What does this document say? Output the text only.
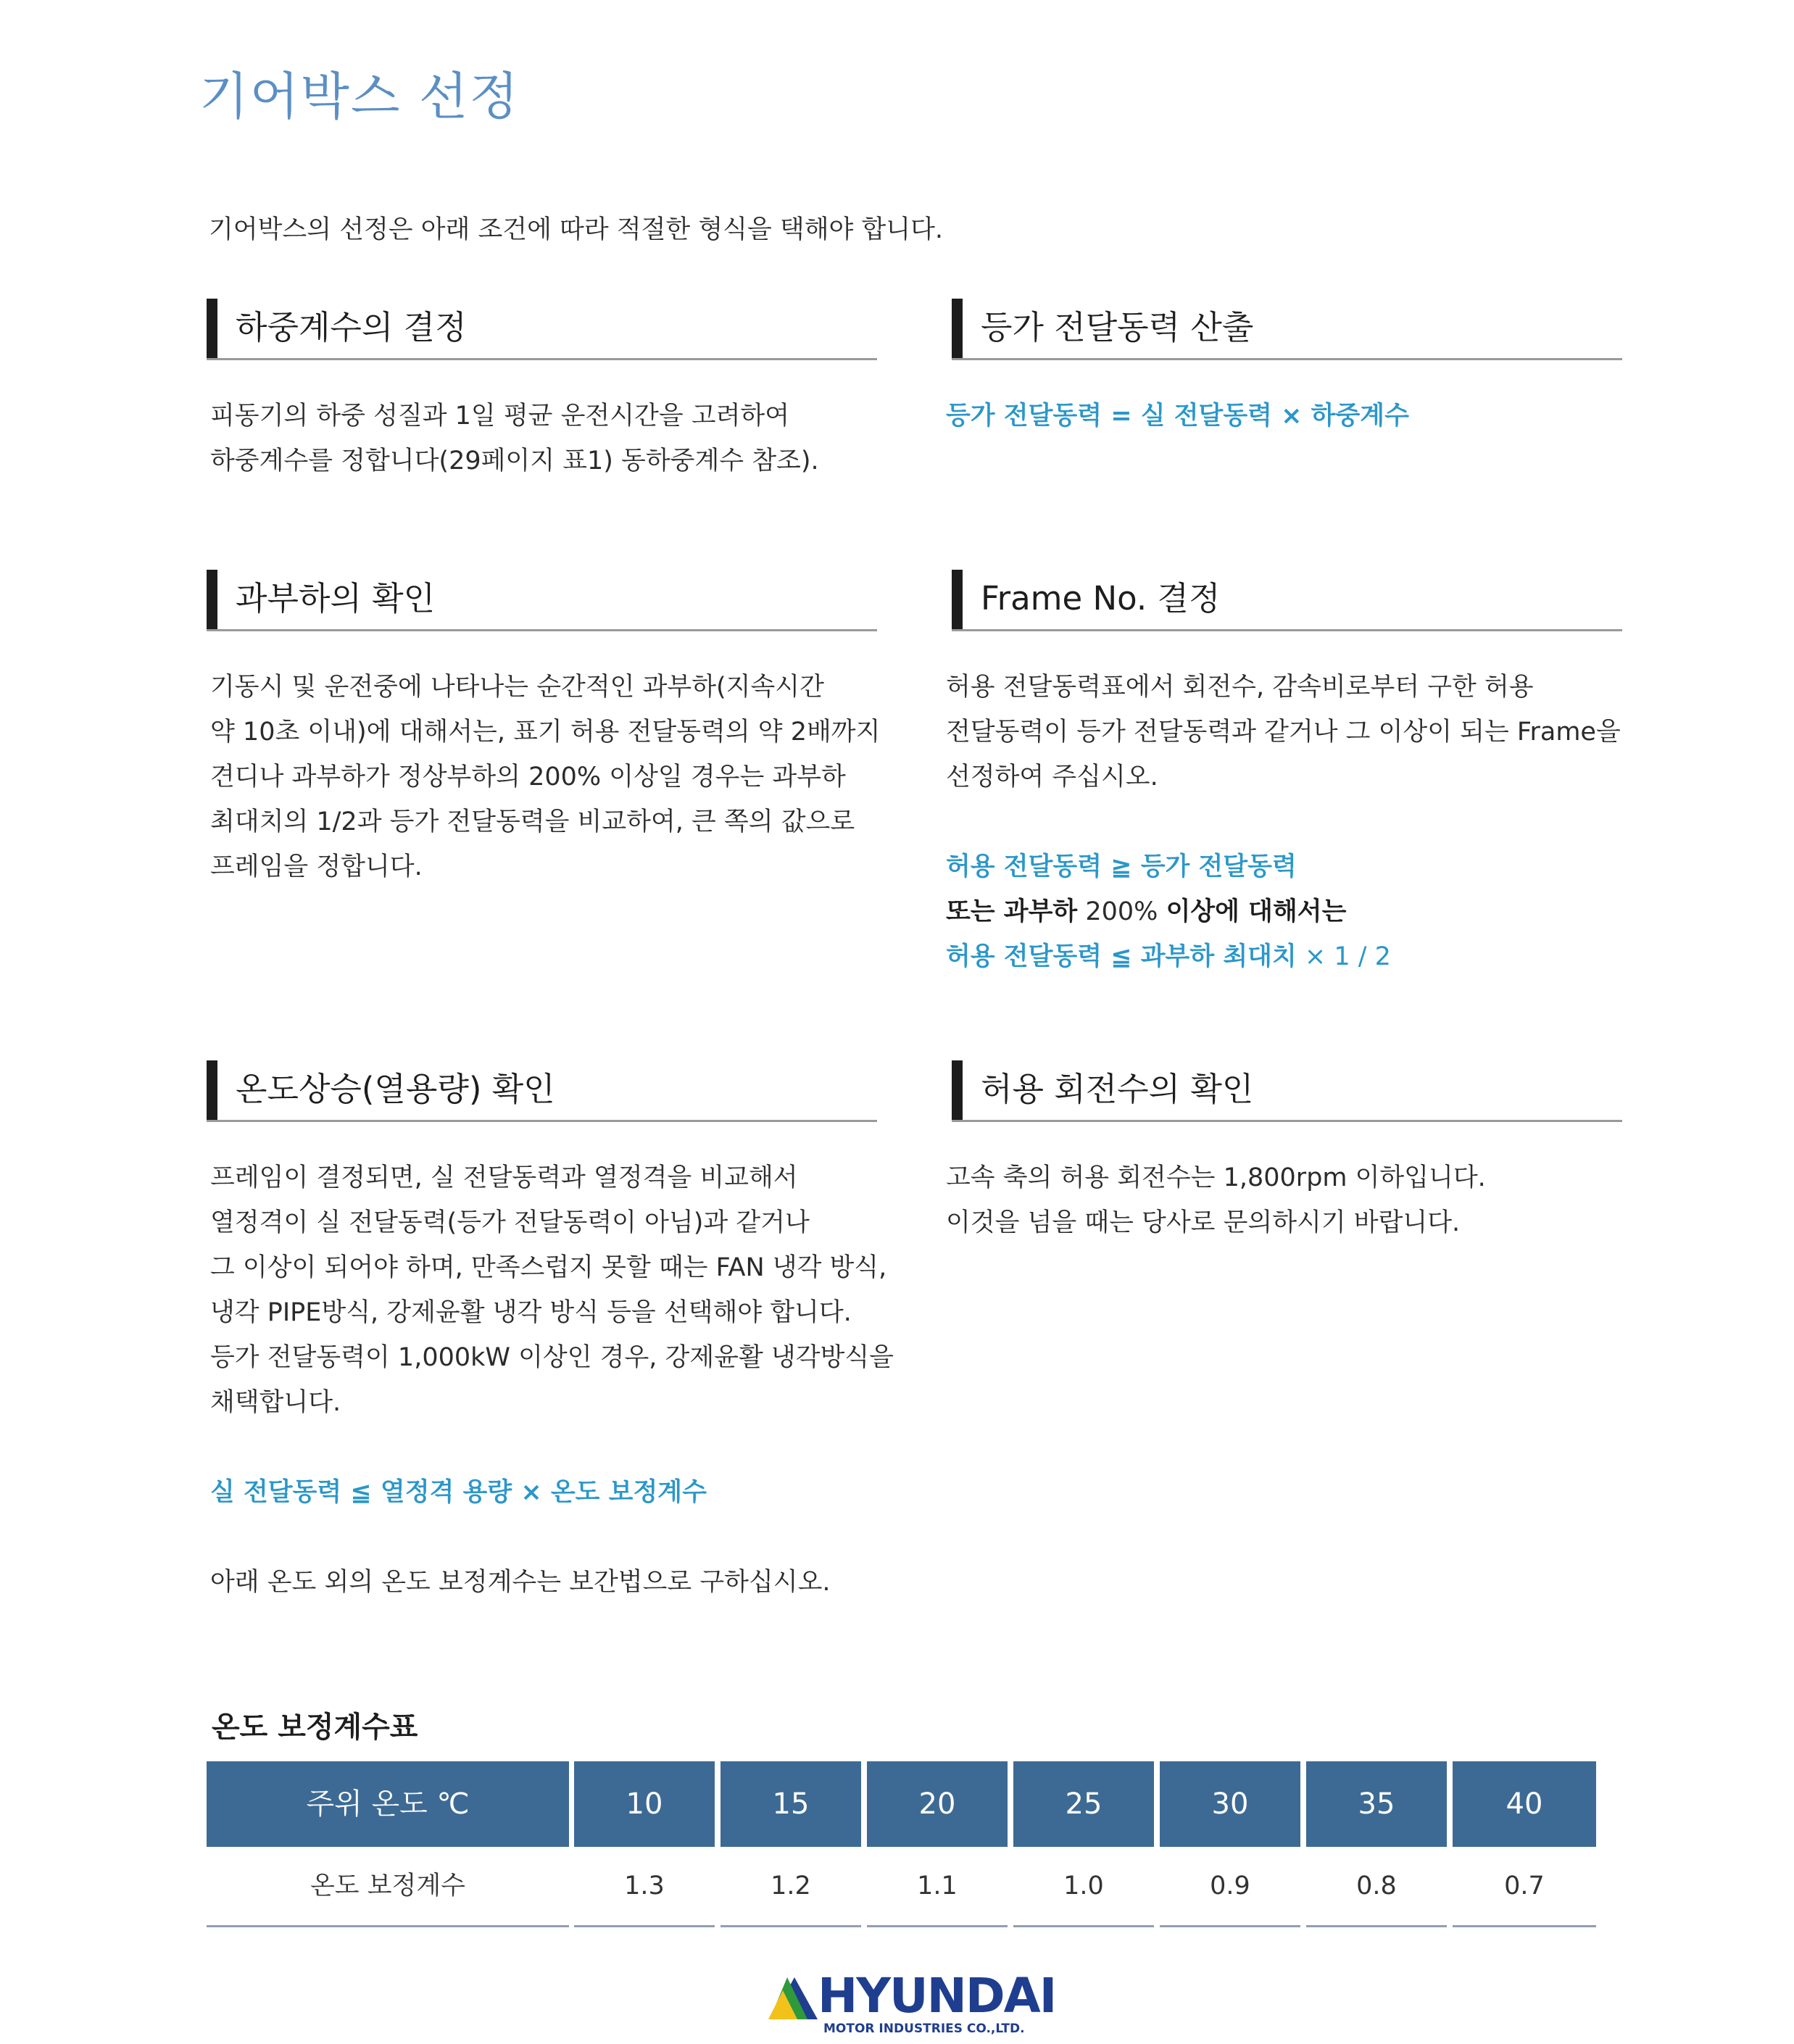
기어박스 선정
기어박스의 선정은 아래 조건에 따라 적절한 형식을 택해야 합니다.
하중계수의 결정

피동기의 하중 성질과 1일 평균 운전시간을 고려하여

하중계수를 정합니다(29페이지 표1) 동하중계수 참조).

등가 전달동력 산출

등가 전달동력 = 실 전달동력 × 하중계수

과부하의 확인

기동시 및 운전중에 나타나는 순간적인 과부하(지속시간

약 10초 이내)에 대해서는, 표기 허용 전달동력의 약 2배까지

견디나 과부하가 정상부하의 200% 이상일 경우는 과부하

최대치의 1/2과 등가 전달동력을 비교하여, 큰 쪽의 값으로

프레임을 정합니다.

Frame No. 결정

허용 전달동력표에서 회전수, 감속비로부터 구한 허용

전달동력이 등가 전달동력과 같거나 그 이상이 되는 Frame을

선정하여 주십시오.

허용 전달동력 ≧ 등가 전달동력

또는 과부하 200% 이상에 대해서는

허용 전달동력 ≦ 과부하 최대치 × 1 / 2

온도상승(열용량) 확인

프레임이 결정되면, 실 전달동력과 열정격을 비교해서

열정격이 실 전달동력(등가 전달동력이 아님)과 같거나

그 이상이 되어야 하며, 만족스럽지 못할 때는 FAN 냉각 방식,

냉각 PIPE방식, 강제윤활 냉각 방식 등을 선택해야 합니다.

등가 전달동력이 1,000kW 이상인 경우, 강제윤활 냉각방식을

채택합니다.

실 전달동력 ≦ 열정격 용량 × 온도 보정계수

아래 온도 외의 온도 보정계수는 보간법으로 구하십시오.

허용 회전수의 확인

고속 축의 허용 회전수는 1,800rpm 이하입니다.

이것을 넘을 때는 당사로 문의하시기 바랍니다.

온도 보정계수표
주위 온도 ℃	10	15	20	25	30	35	40
온도 보정계수	1.3	1.2	1.1	1.0	0.9	0.8	0.7
HYUNDAI
MOTOR INDUSTRIES CO.,LTD.
